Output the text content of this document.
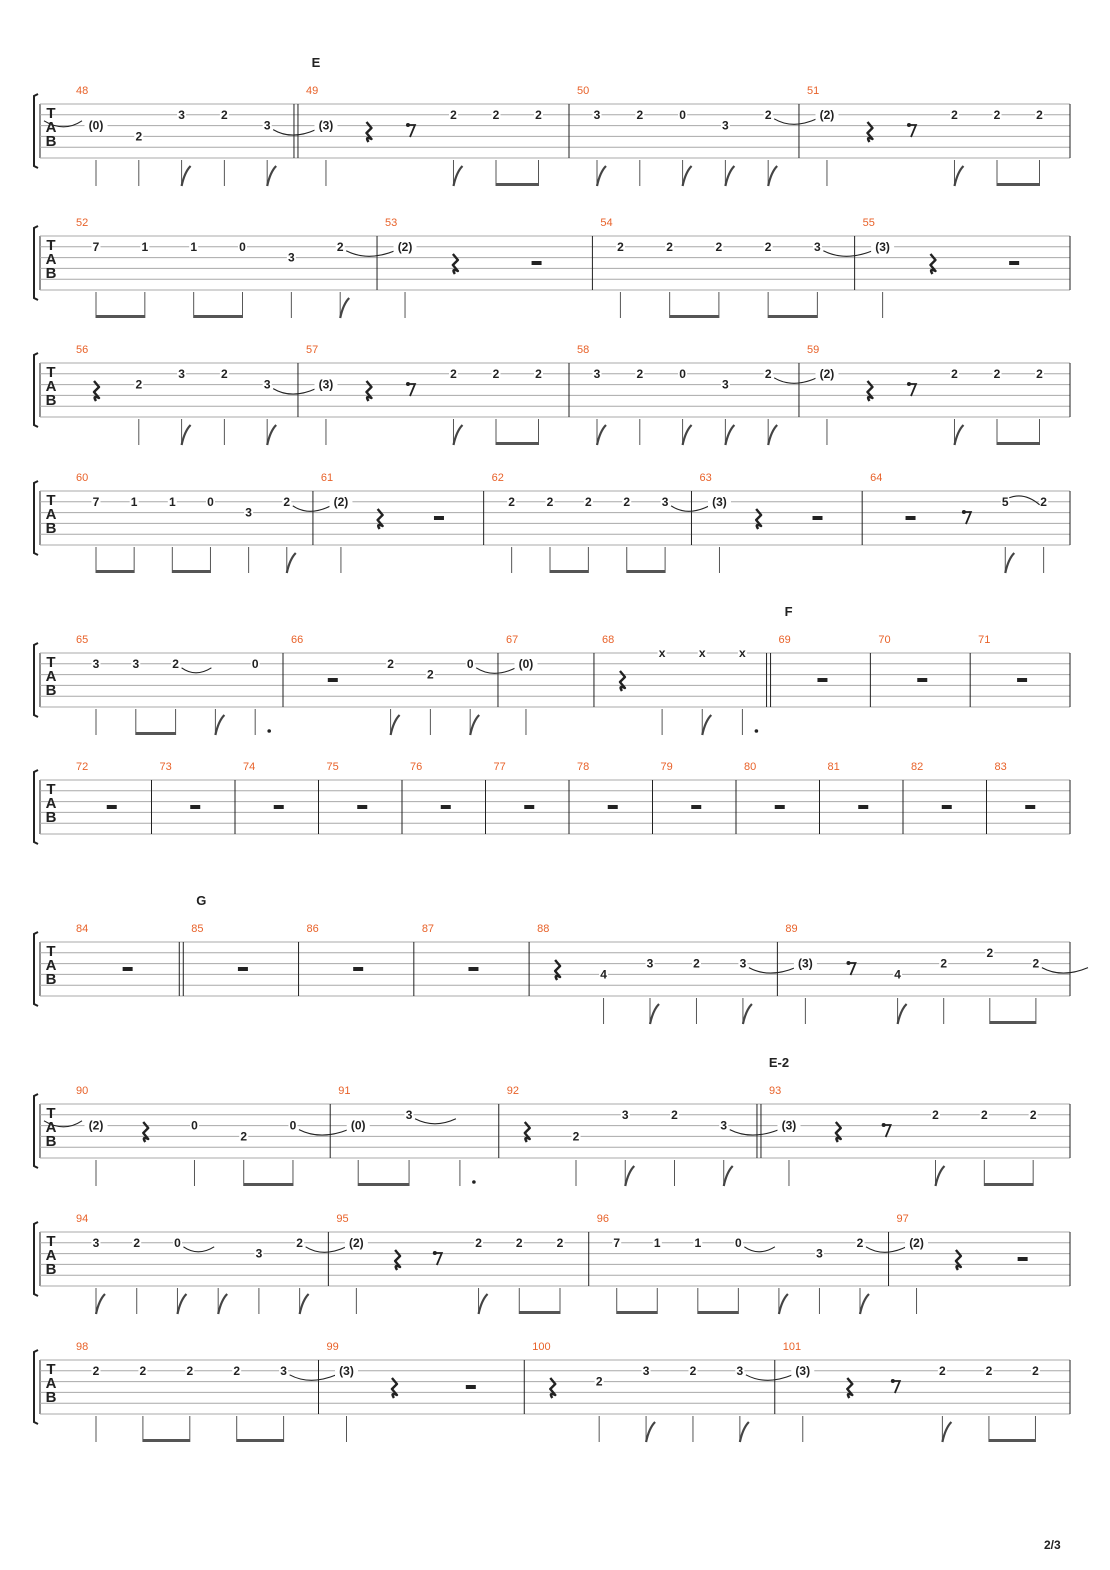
T
A
B
48
(0)
2
3	2
3
49
E
(3)
2	2	2
50
3	2	0
3
2
51
(2)	2	2	2
T
A
B
52
7	1	1	0
3
2
53
(2)
54
2	2	2	2	3
55
(3)
T
A
B
56
2
3	2
3
57
(3)
2	2	2
58
3	2	0
3
2
59
(2)	2	2	2
T
A
B
60
7	1	1	0
3
2
61
(2)
62
2	2	2	2	3
63
(3)
64
5	2
T
A
B
65
3	3	2	0
66
2
2
0
67
(0)
68
x	x	x
69
F
70	71
T
A
B
72	73	74	75	76	77	78	79	80	81	82	83
T
A
B
84	85
G
86	87	88
4
3	2	3
89
(3)
4
2
2
2
T
A
B
90
(2)	0
2
0
91
(0)
3
92
2
3	2
3
93
E-2
(3)
2	2	2
T
A
B
94
3	2	0
3
2
95
(2)	2	2	2
96
7	1	1	0
3
2
97
(2)
T
A
B
98
2	2	2	2	3
99
(3)
100
2
3	2	3
101
(3)	2	2	2
2/3
